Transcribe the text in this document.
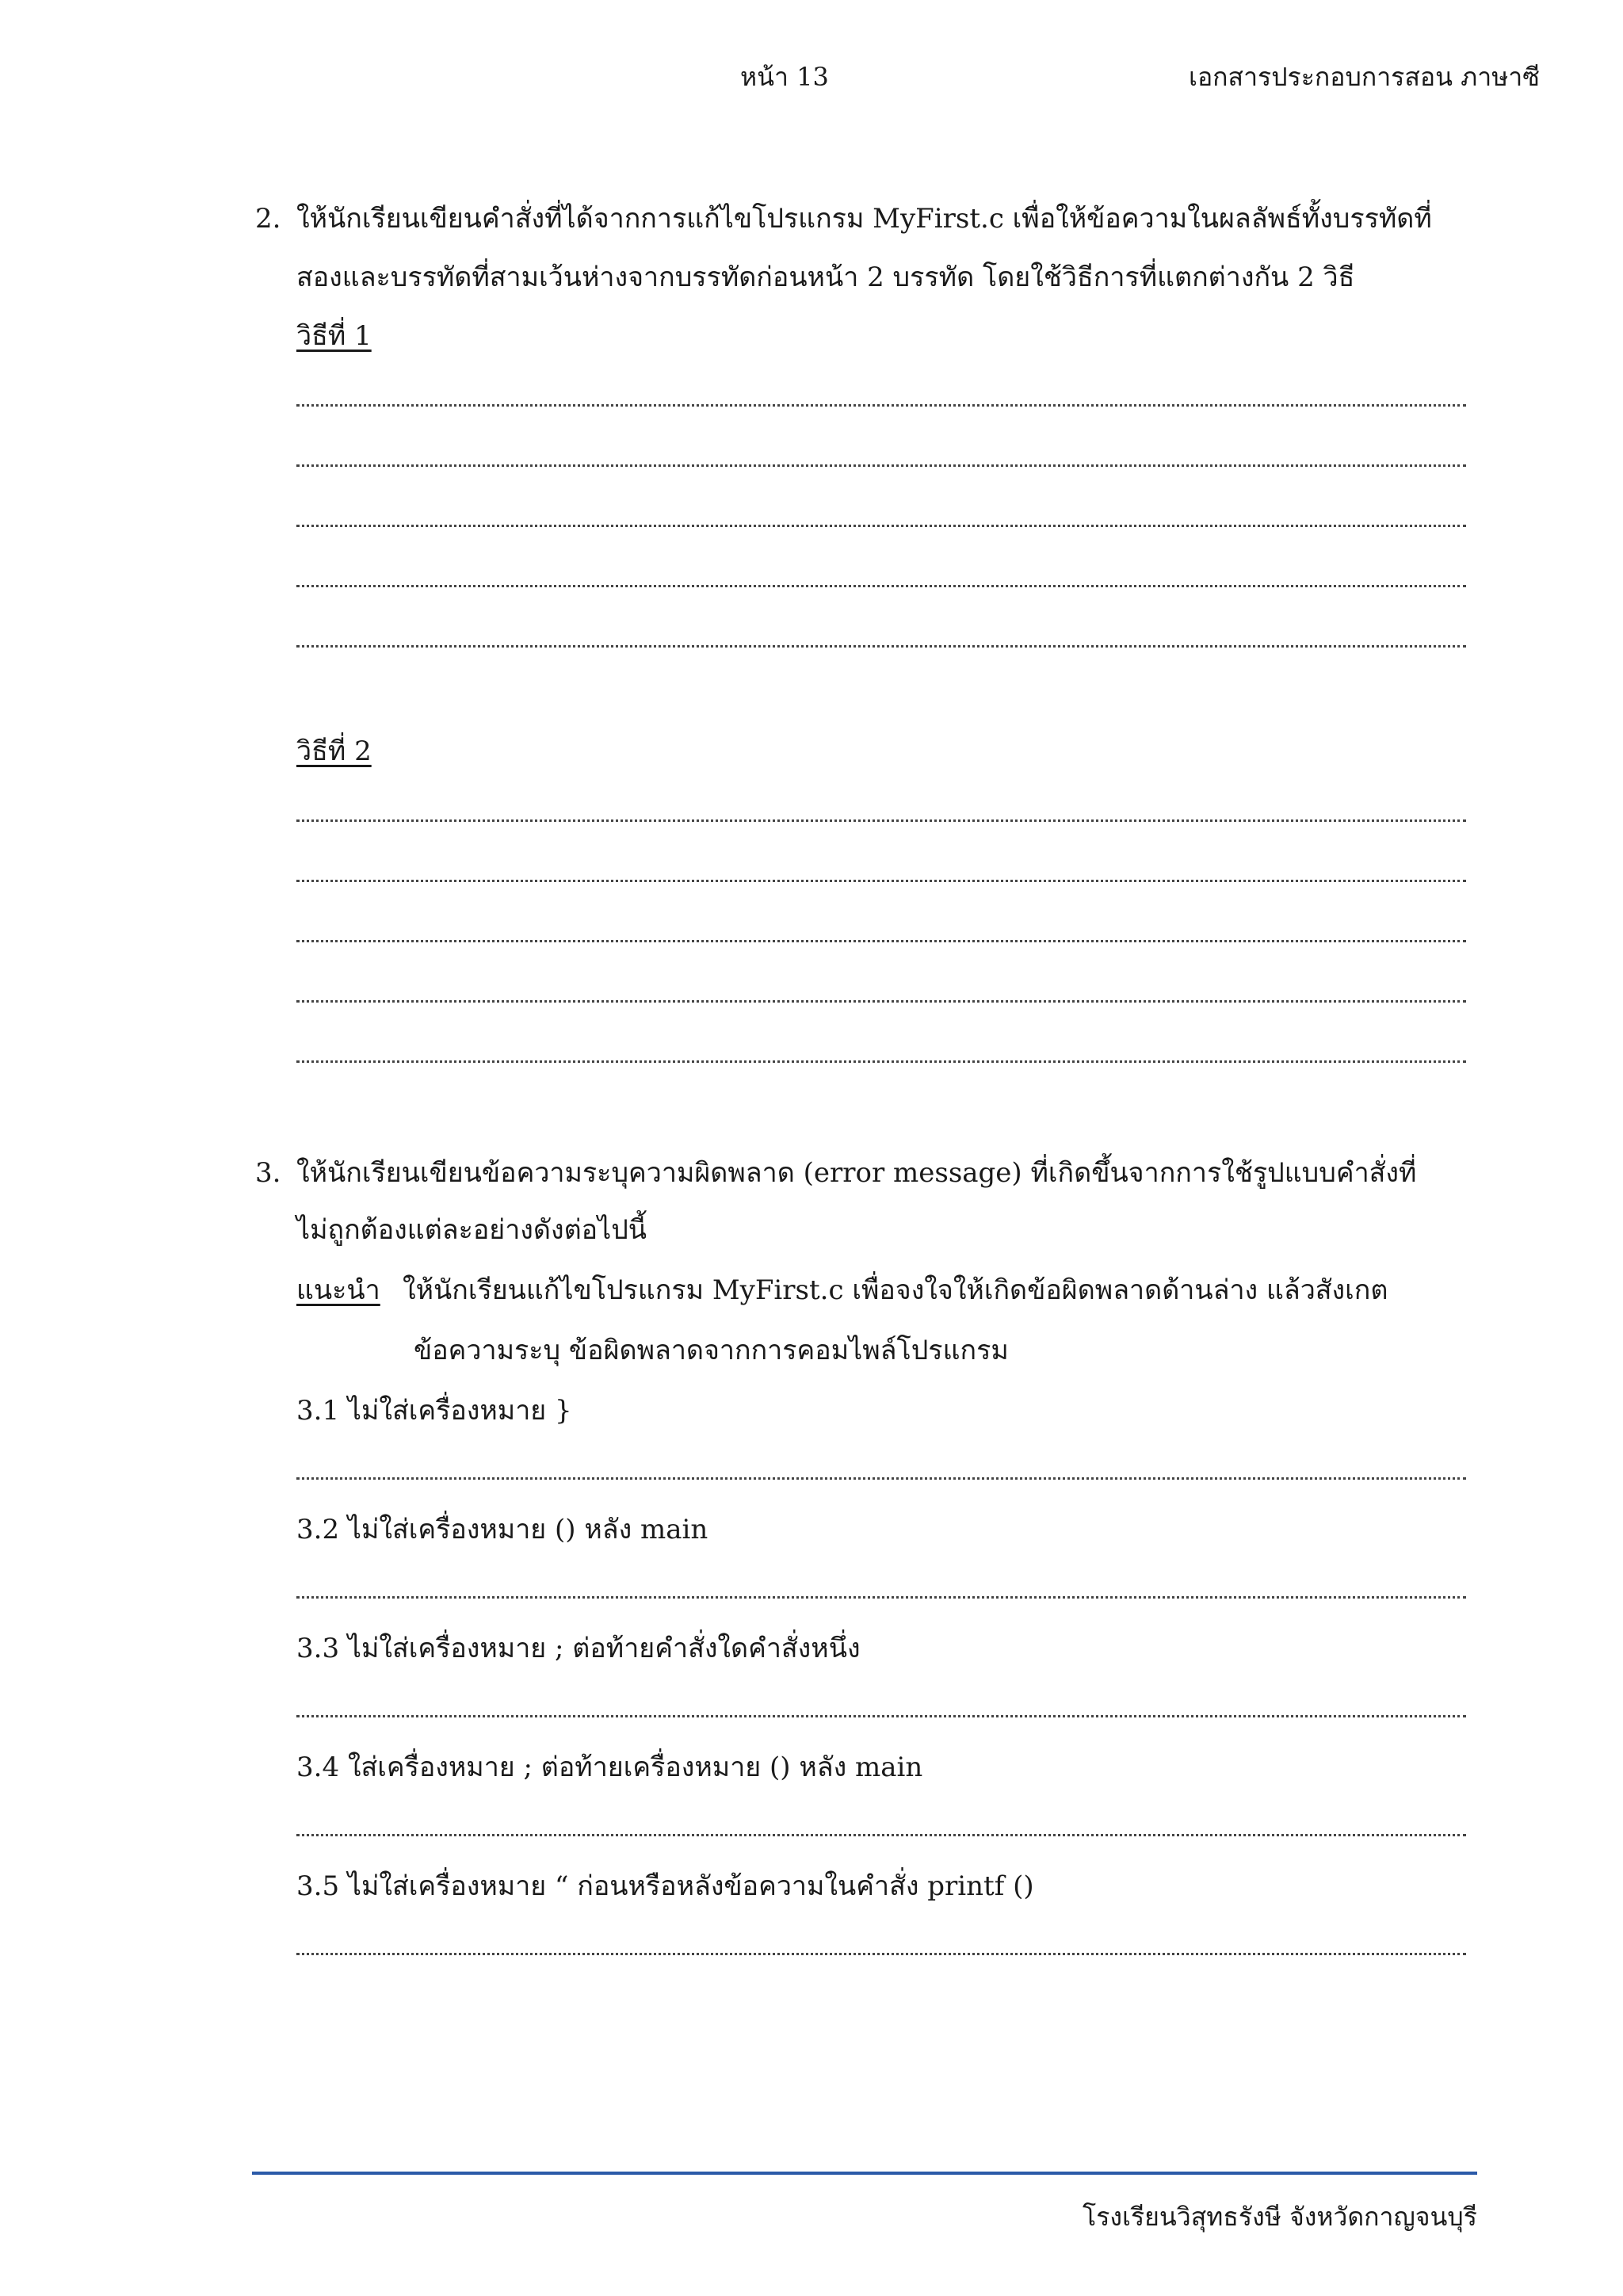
หน้า 13	เอกสารประกอบการสอน ภาษาซี
2. ให้นักเรียนเขียนคำสั่งที่ได้จากการแก้ไขโปรแกรม MyFirst.c เพื่อให้ข้อความในผลลัพธ์ทั้งบรรทัดที่
สองและบรรทัดที่สามเว้นห่างจากบรรทัดก่อนหน้า 2 บรรทัด โดยใช้วิธีการที่แตกต่างกัน 2 วิธี
วิธีที่ 1
วิธีที่ 2
3. ให้นักเรียนเขียนข้อความระบุความผิดพลาด (error message) ที่เกิดขึ้นจากการใช้รูปแบบคำสั่งที่
ไม่ถูกต้องแต่ละอย่างดังต่อไปนี้
แนะนำ ให้นักเรียนแก้ไขโปรแกรม MyFirst.c เพื่อจงใจให้เกิดข้อผิดพลาดด้านล่าง แล้วสังเกต
ข้อความระบุ ข้อผิดพลาดจากการคอมไพล์โปรแกรม
3.1 ไม่ใส่เครื่องหมาย }
3.2 ไม่ใส่เครื่องหมาย () หลัง main
3.3 ไม่ใส่เครื่องหมาย ; ต่อท้ายคำสั่งใดคำสั่งหนึ่ง
3.4 ใส่เครื่องหมาย ; ต่อท้ายเครื่องหมาย () หลัง main
3.5 ไม่ใส่เครื่องหมาย “ ก่อนหรือหลังข้อความในคำสั่ง printf ()
โรงเรียนวิสุทธรังษี จังหวัดกาญจนบุรี
